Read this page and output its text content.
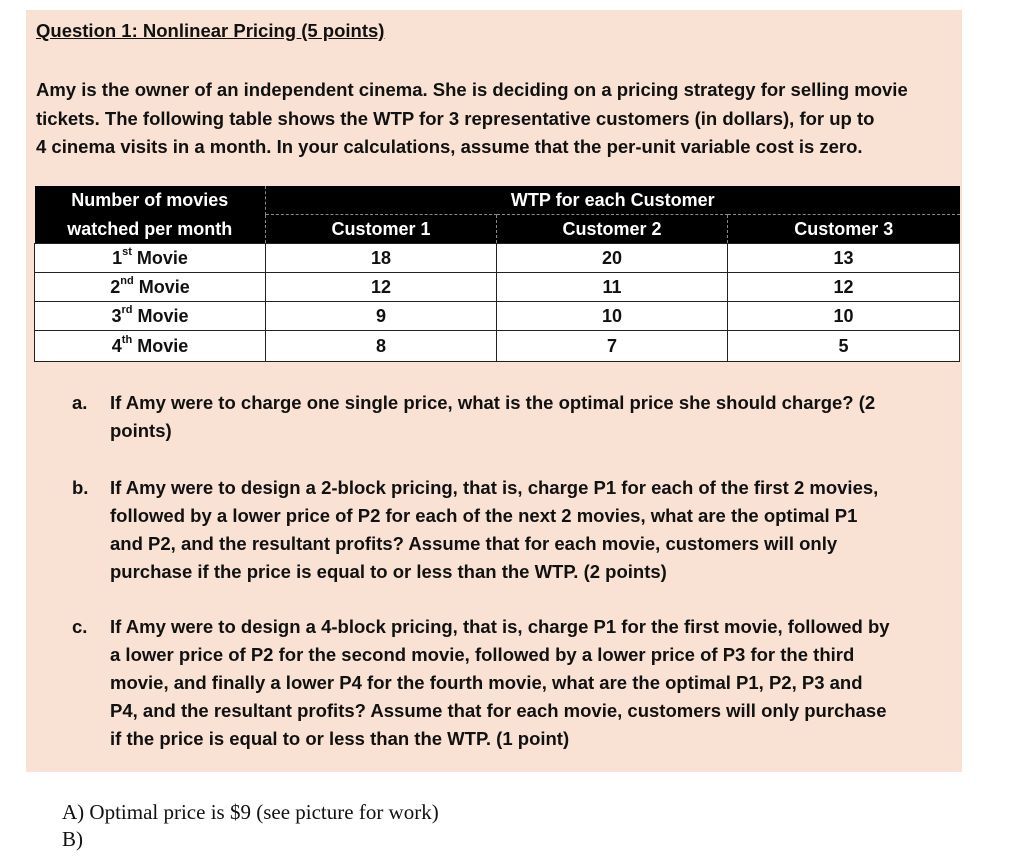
Question 1: Nonlinear Pricing (5 points)
Amy is the owner of an independent cinema. She is deciding on a pricing strategy for selling movie
tickets. The following table shows the WTP for 3 representative customers (in dollars), for up to
4 cinema visits in a month. In your calculations, assume that the per-unit variable cost is zero.
Number of movies	WTP for each Customer		
watched per month	Customer 1	Customer 2	Customer 3
1st Movie	18	20	13
2nd Movie	12	11	12
3rd Movie	9	10	10
4th Movie	8	7	5
a.	If Amy were to charge one single price, what is the optimal price she should charge? (2
points)
b.	If Amy were to design a 2-block pricing, that is, charge P1 for each of the first 2 movies,
followed by a lower price of P2 for each of the next 2 movies, what are the optimal P1
and P2, and the resultant profits? Assume that for each movie, customers will only
purchase if the price is equal to or less than the WTP. (2 points)
c.	If Amy were to design a 4-block pricing, that is, charge P1 for the first movie, followed by
a lower price of P2 for the second movie, followed by a lower price of P3 for the third
movie, and finally a lower P4 for the fourth movie, what are the optimal P1, P2, P3 and
P4, and the resultant profits? Assume that for each movie, customers will only purchase
if the price is equal to or less than the WTP. (1 point)
A) Optimal price is $9 (see picture for work)
B)
